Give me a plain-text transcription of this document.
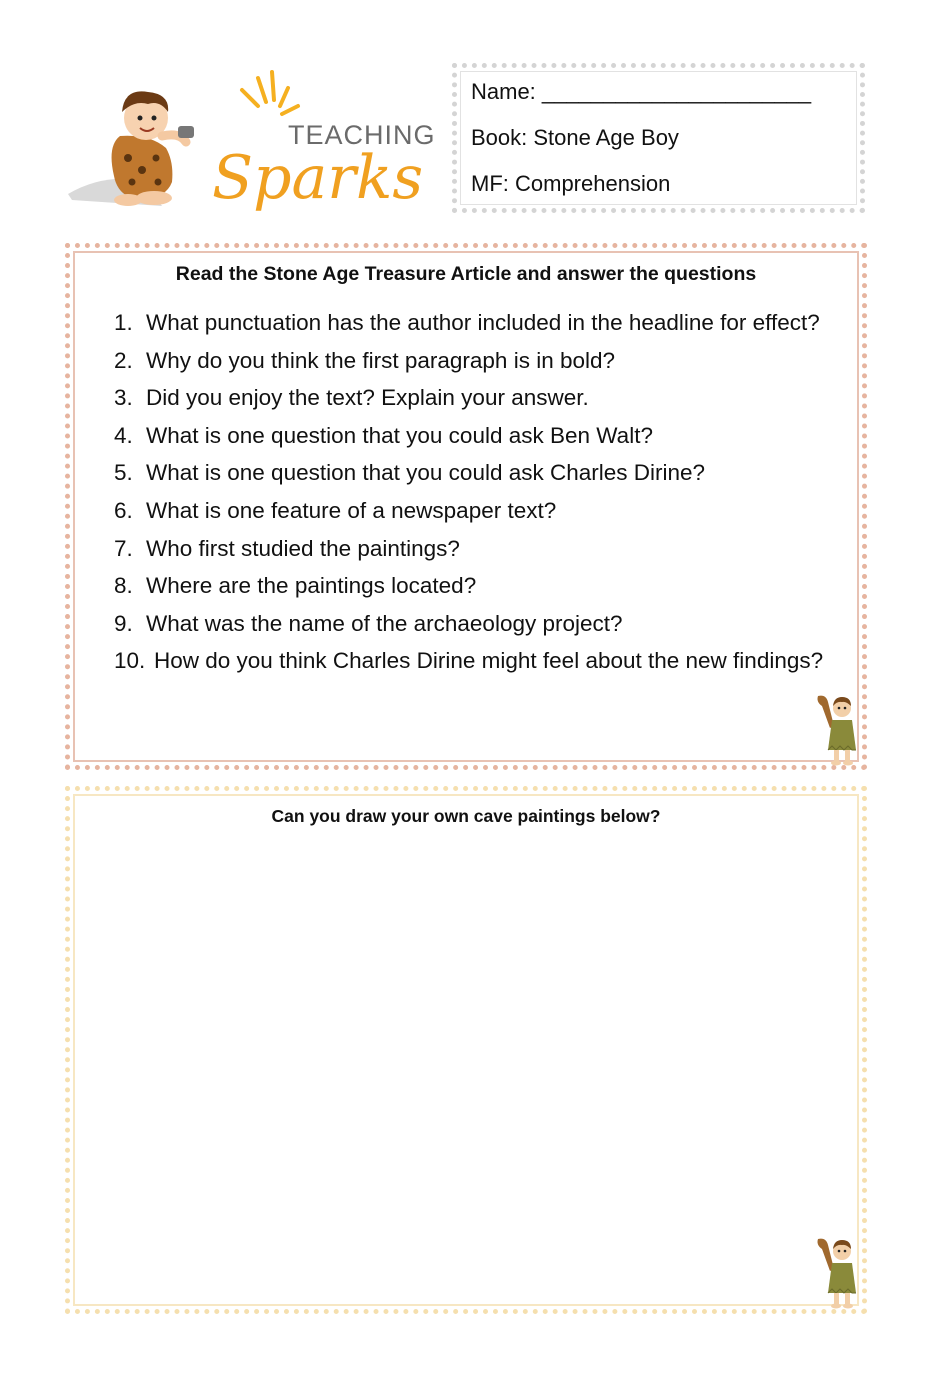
TEACHING
Sparks
Name: ______________________
Book: Stone Age Boy
MF: Comprehension
Read the Stone Age Treasure Article and answer the questions
1. What punctuation has the author included in the headline for effect?
2. Why do you think the first paragraph is in bold?
3. Did you enjoy the text? Explain your answer.
4. What is one question that you could ask Ben Walt?
5. What is one question that you could ask Charles Dirine?
6. What is one feature of a newspaper text?
7. Who first studied the paintings?
8. Where are the paintings located?
9. What was the name of the archaeology project?
10. How do you think Charles Dirine might feel about the new findings?
Can you draw your own cave paintings below?
